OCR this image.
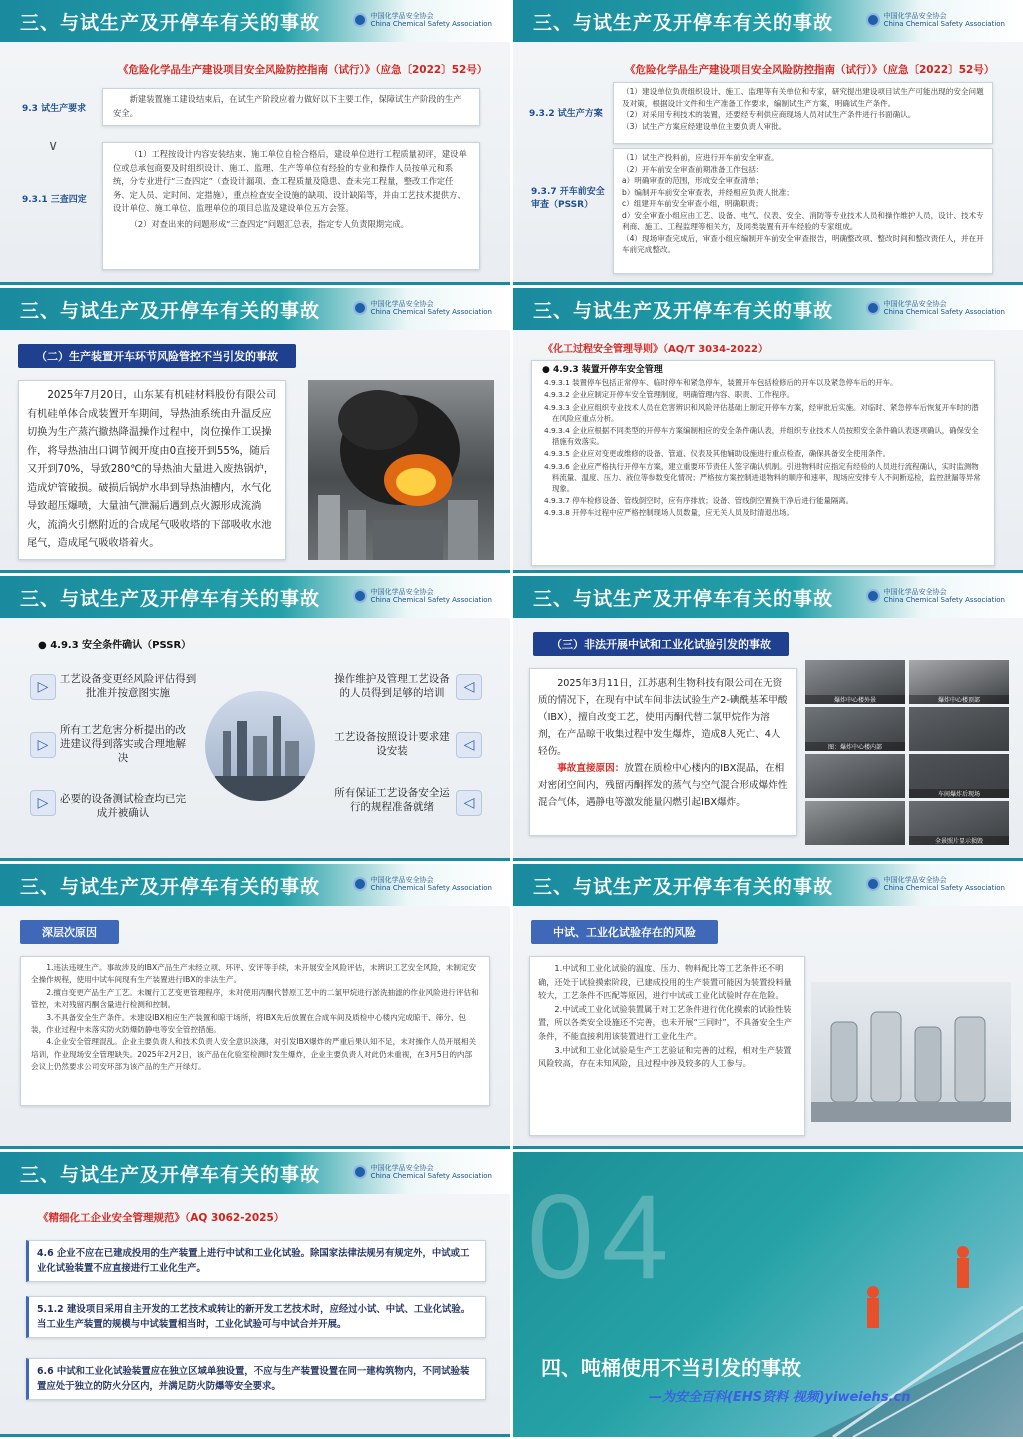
三、与试生产及开停车有关的事故	中国化学品安全协会
China Chemical Safety Association
《危险化学品生产建设项目安全风险防控指南（试行）》（应急〔2022〕52号）
9.3 试生产要求
新建装置施工建设结束后，在试生产阶段应着力做好以下主要工作，保障试生产阶段的生产安全。
∨
9.3.1 三查四定
（1）工程按设计内容安装结束、施工单位自检合格后，建设单位进行工程质量初评，建设单位或总承包商要及时组织设计、施工、监理、生产等单位有经验的专业和操作人员按单元和系统，分专业进行“三查四定”（查设计漏项、查工程质量及隐患、查未完工程量，整改工作定任务、定人员、定时间、定措施），重点检查安全设施的缺项、设计缺陷等，并由工艺技术提供方、设计单位、施工单位、监理单位的项目总监及建设单位五方会签。
（2）对查出来的问题形成“三查四定”问题汇总表，指定专人负责限期完成。
三、与试生产及开停车有关的事故	中国化学品安全协会
China Chemical Safety Association
《危险化学品生产建设项目安全风险防控指南（试行）》（应急〔2022〕52号）
9.3.2 试生产方案
（1）建设单位负责组织设计、施工、监理等有关单位和专家，研究提出建设项目试生产可能出现的安全问题及对策，根据设计文件和生产准备工作要求，编制试生产方案，明确试生产条件。
（2）对采用专利技术的装置，还要经专利供应商现场人员对试生产条件进行书面确认。
（3）试生产方案应经建设单位主要负责人审批。
9.3.7 开车前安全审查（PSSR）
（1）试生产投料前，应进行开车前安全审查。
（2）开车前安全审查前期准备工作包括：
a）明确审查的范围，形成安全审查清单；
b）编制开车前安全审查表，并经相应负责人批准；
c）组建开车前安全审查小组，明确职责；
d）安全审查小组应由工艺、设备、电气、仪表、安全、消防等专业技术人员和操作维护人员，设计、技术专利商、施工、工程监理等相关方，及同类装置有开车经验的专家组成。
（4）现场审查完成后，审查小组应编制开车前安全审查报告，明确整改项、整改时间和整改责任人，并在开车前完成整改。
三、与试生产及开停车有关的事故	中国化学品安全协会
China Chemical Safety Association
（二）生产装置开车环节风险管控不当引发的事故
2025年7月20日，山东某有机硅材料股份有限公司有机硅单体合成装置开车期间，导热油系统由升温反应切换为生产蒸汽撤热降温操作过程中，岗位操作工误操作，将导热油出口调节阀开度由0直接开到55%，随后又开到70%，导致280℃的导热油大量进入废热锅炉，造成炉管破损。破损后锅炉水串到导热油槽内，水气化导致超压爆喷，大量油气泄漏后遇到点火源形成流淌火，流淌火引燃附近的合成尾气吸收塔的下部吸收水池尾气，造成尾气吸收塔着火。
三、与试生产及开停车有关的事故	中国化学品安全协会
China Chemical Safety Association
《化工过程安全管理导则》（AQ/T 3034-2022）
● 4.9.3 装置开停车安全管理
4.9.3.1 装置停车包括正常停车、临时停车和紧急停车，装置开车包括检修后的开车以及紧急停车后的开车。
4.9.3.2 企业应制定开停车安全管理制度，明确管理内容、职责、工作程序。
4.9.3.3 企业应组织专业技术人员在危害辨识和风险评估基础上制定开停车方案，经审批后实施。对临时、紧急停车后恢复开车时的潜在风险应重点分析。
4.9.3.4 企业应根据不同类型的开停车方案编制相应的安全条件确认表，并组织专业技术人员按照安全条件确认表逐项确认，确保安全措施有效落实。
4.9.3.5 企业应对变更或维修的设备、管道、仪表及其他辅助设施进行重点检查，确保具备安全使用条件。
4.9.3.6 企业应严格执行开停车方案，建立重要环节责任人签字确认机制。引进物料时应指定有经验的人员进行流程确认，实时监测物料流量、温度、压力、液位等参数变化情况；严格按方案控制进退物料的顺序和速率，现场应安排专人不间断巡检，监控泄漏等异常现象。
4.9.3.7 停车检修设备、管线倒空时，应有序排放；设备、管线倒空置换干净后进行能量隔离。
4.9.3.8 开停车过程中应严格控制现场人员数量，应无关人员及时清退出场。
三、与试生产及开停车有关的事故	中国化学品安全协会
China Chemical Safety Association
● 4.9.3 安全条件确认（PSSR）
▷	工艺设备变更经风险评估得到批准并按意图实施
▷
所有工艺危害分析提出的改进建议得到落实或合理地解决
▷	必要的设备测试检查均已完成并被确认
操作维护及管理工艺设备的人员得到足够的培训	◁
工艺设备按照设计要求建设安装	◁
所有保证工艺设备安全运行的规程准备就绪	◁
三、与试生产及开停车有关的事故	中国化学品安全协会
China Chemical Safety Association
（三）非法开展中试和工业化试验引发的事故
2025年3月11日，江苏惠利生物科技有限公司在无资质的情况下，在现有中试车间非法试验生产2-碘酰基苯甲酸（IBX），擅自改变工艺，使用丙酮代替二氯甲烷作为溶剂，在产品晾干收集过程中发生爆炸，造成8人死亡、4人轻伤。
事故直接原因：放置在质检中心楼内的IBX混晶，在相对密闭空间内，残留丙酮挥发的蒸气与空气混合形成爆炸性混合气体，遇静电等激发能量闪燃引起IBX爆炸。
爆炸中心楼外景	爆炸中心楼顶部
图：爆炸中心楼内部
车间爆炸后现场
全景照片显示损毁
三、与试生产及开停车有关的事故	中国化学品安全协会
China Chemical Safety Association
深层次原因
1.违法违规生产。事故涉及的IBX产品生产未经立项、环评、安评等手续，未开展安全风险评估，未辨识工艺安全风险，未制定安全操作规程，使用中试车间现有生产装置进行IBX的非法生产。
2.擅自变更产品生产工艺。未履行工艺变更管理程序，未对使用丙酮代替原工艺中的二氯甲烷进行淤洗抽滤的作业风险进行评估和管控，未对残留丙酮含量进行检测和控制。
3.不具备安全生产条件。未建设IBX相应生产装置和晾干场所，将IBX先后放置在合成车间及质检中心楼内完成晾干、筛分、包装，作业过程中未落实防火防爆防静电等安全管控措施。
4.企业安全管理混乱。企业主要负责人和技术负责人安全意识淡薄，对引发IBX爆炸的严重后果认知不足，未对操作人员开展相关培训，作业现场安全管理缺失。2025年2月2日，该产品在化验室检测时发生爆炸，企业主要负责人对此仍未重视，在3月5日的内部会议上仍然要求公司安环部为该产品的生产开绿灯。
三、与试生产及开停车有关的事故	中国化学品安全协会
China Chemical Safety Association
中试、工业化试验存在的风险
1.中试和工业化试验的温度、压力、物料配比等工艺条件还不明确，还处于试验摸索阶段，已建成投用的生产装置可能因为装置投料量较大，工艺条件不匹配等原因，进行中试或工业化试验时存在危险。
2.中试或工业化试验装置属于对工艺条件进行优化摸索的试验性装置，所以各类安全设施还不完善，也未开展“三同时”，不具备安全生产条件，不能直接利用该装置进行工业化生产。
3.中试和工业化试验是生产工艺验证和完善的过程，相对生产装置风险较高，存在未知风险，且过程中涉及较多的人工参与。
三、与试生产及开停车有关的事故	中国化学品安全协会
China Chemical Safety Association
《精细化工企业安全管理规范》（AQ 3062-2025）
4.6 企业不应在已建成投用的生产装置上进行中试和工业化试验。除国家法律法规另有规定外，中试或工业化试验装置不应直接进行工业化生产。
5.1.2 建设项目采用自主开发的工艺技术或转让的新开发工艺技术时，应经过小试、中试、工业化试验。当工业生产装置的规模与中试装置相当时，工业化试验可与中试合并开展。
6.6 中试和工业化试验装置应在独立区域单独设置，不应与生产装置设置在同一建构筑物内，不同试验装置应处于独立的防火分区内，并满足防火防爆等安全要求。
04
四、吨桶使用不当引发的事故
—为安全百科(EHS资料 视频)yiweiehs.cn
